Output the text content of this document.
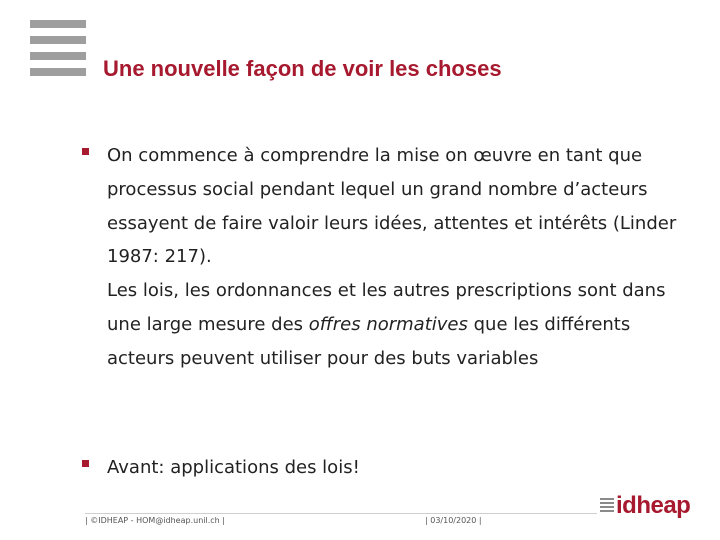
Une nouvelle façon de voir les choses

On commence à comprendre la mise on œuvre en tant que processus social pendant lequel un grand nombre d’acteurs essayent de faire valoir leurs idées, attentes et intérêts (Linder 1987: 217).

Les lois, les ordonnances et les autres prescriptions sont dans une large mesure des offres normatives que les différents acteurs peuvent utiliser pour des buts variables

Avant: applications des lois!
| ©IDHEAP - HOM@idheap.unil.ch |	| 03/10/2020 |
idheap
